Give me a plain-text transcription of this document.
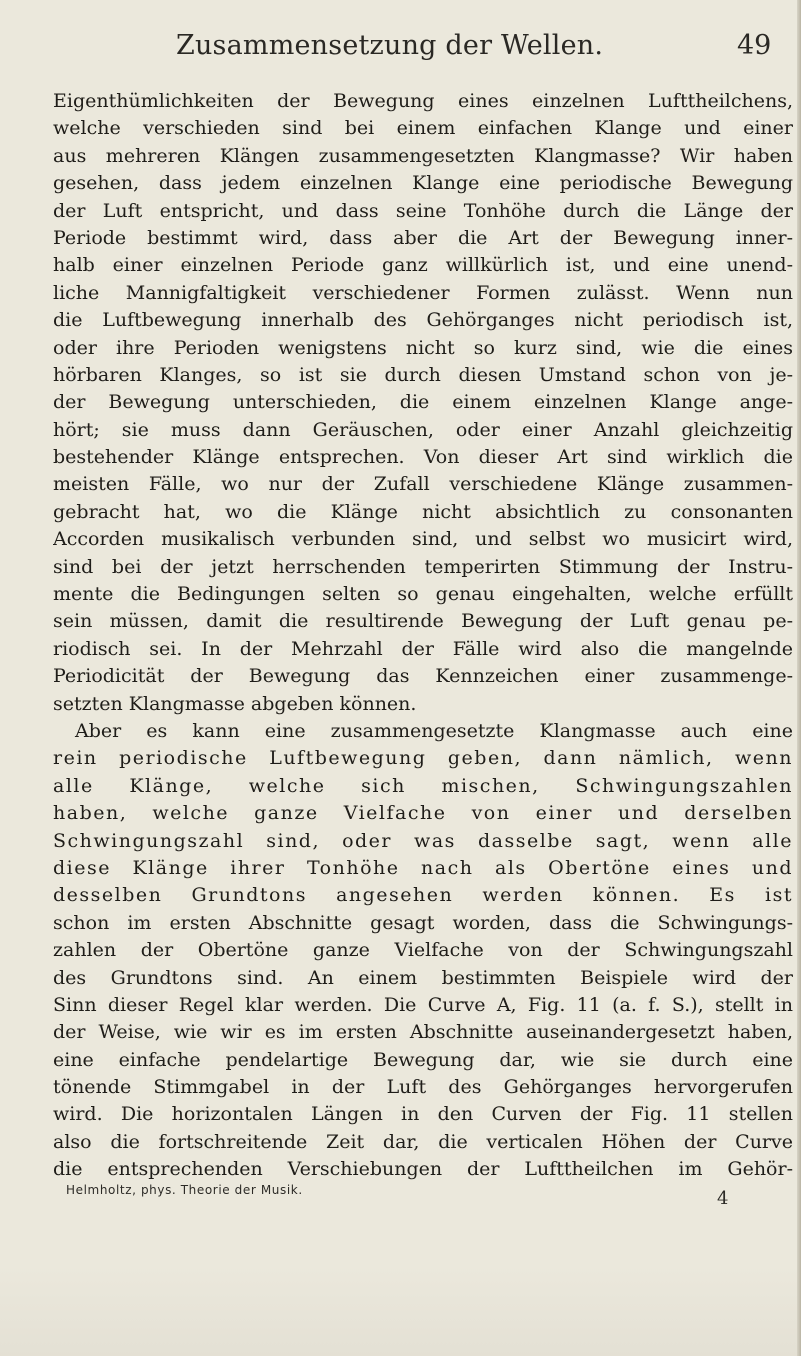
Zusammensetzung der Wellen.	49
Eigenthümlichkeiten der Bewegung eines einzelnen Lufttheilchens,
welche verschieden sind bei einem einfachen Klange und einer
aus mehreren Klängen zusammengesetzten Klangmasse? Wir haben
gesehen, dass jedem einzelnen Klange eine periodische Bewegung
der Luft entspricht, und dass seine Tonhöhe durch die Länge der
Periode bestimmt wird, dass aber die Art der Bewegung inner-
halb einer einzelnen Periode ganz willkürlich ist, und eine unend-
liche Mannigfaltigkeit verschiedener Formen zulässt. Wenn nun
die Luftbewegung innerhalb des Gehörganges nicht periodisch ist,
oder ihre Perioden wenigstens nicht so kurz sind, wie die eines
hörbaren Klanges, so ist sie durch diesen Umstand schon von je-
der Bewegung unterschieden, die einem einzelnen Klange ange-
hört; sie muss dann Geräuschen, oder einer Anzahl gleichzeitig
bestehender Klänge entsprechen. Von dieser Art sind wirklich die
meisten Fälle, wo nur der Zufall verschiedene Klänge zusammen-
gebracht hat, wo die Klänge nicht absichtlich zu consonanten
Accorden musikalisch verbunden sind, und selbst wo musicirt wird,
sind bei der jetzt herrschenden temperirten Stimmung der Instru-
mente die Bedingungen selten so genau eingehalten, welche erfüllt
sein müssen, damit die resultirende Bewegung der Luft genau pe-
riodisch sei. In der Mehrzahl der Fälle wird also die mangelnde
Periodicität der Bewegung das Kennzeichen einer zusammenge-
setzten Klangmasse abgeben können.
Aber es kann eine zusammengesetzte Klangmasse auch eine
rein periodische Luftbewegung geben, dann nämlich, wenn
alle Klänge, welche sich mischen, Schwingungszahlen
haben, welche ganze Vielfache von einer und derselben
Schwingungszahl sind, oder was dasselbe sagt, wenn alle
diese Klänge ihrer Tonhöhe nach als Obertöne eines und
desselben Grundtons angesehen werden können. Es ist
schon im ersten Abschnitte gesagt worden, dass die Schwingungs-
zahlen der Obertöne ganze Vielfache von der Schwingungszahl
des Grundtons sind. An einem bestimmten Beispiele wird der
Sinn dieser Regel klar werden. Die Curve A, Fig. 11 (a. f. S.), stellt in
der Weise, wie wir es im ersten Abschnitte auseinandergesetzt haben,
eine einfache pendelartige Bewegung dar, wie sie durch eine
tönende Stimmgabel in der Luft des Gehörganges hervorgerufen
wird. Die horizontalen Längen in den Curven der Fig. 11 stellen
also die fortschreitende Zeit dar, die verticalen Höhen der Curve
die entsprechenden Verschiebungen der Lufttheilchen im Gehör-
Helmholtz, phys. Theorie der Musik.	4
